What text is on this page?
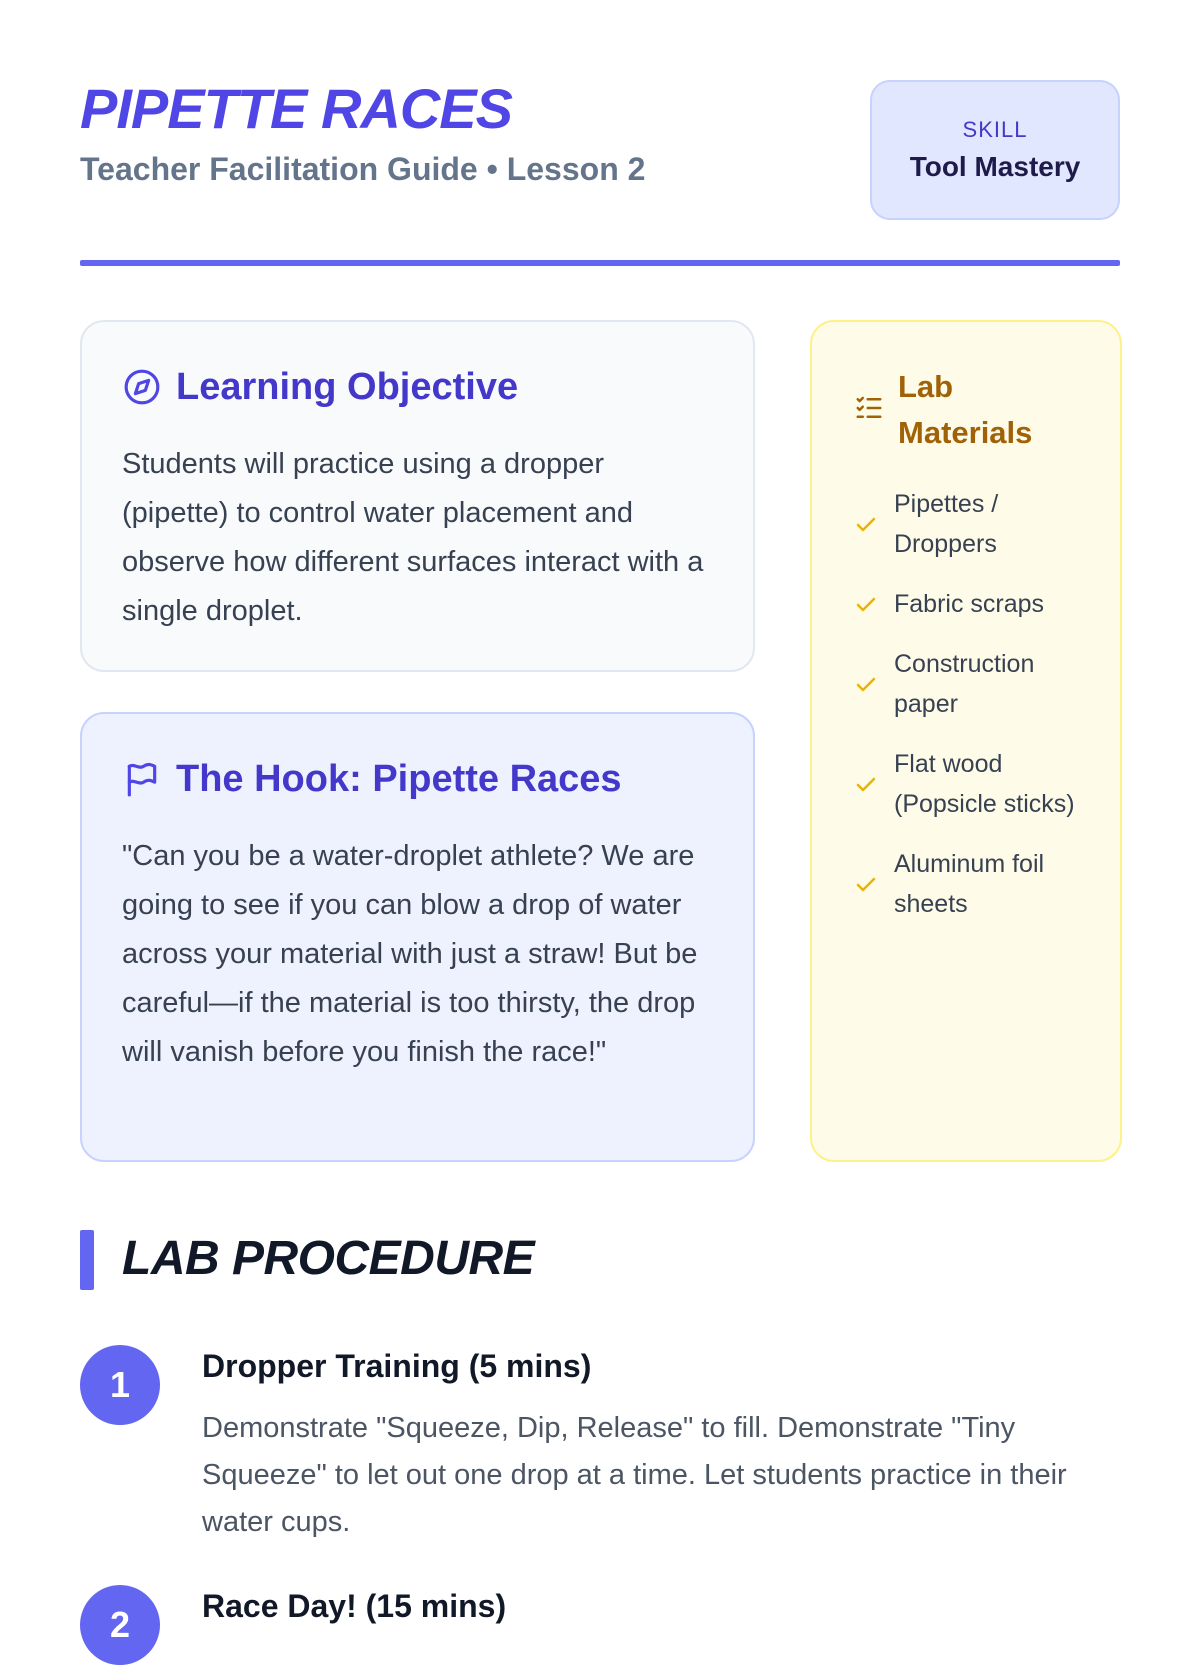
PIPETTE RACES
Teacher Facilitation Guide • Lesson 2
SKILL
Tool Mastery
Learning Objective
Students will practice using a dropper (pipette) to control water placement and observe how different surfaces interact with a single droplet.
The Hook: Pipette Races
"Can you be a water-droplet athlete? We are going to see if you can blow a drop of water across your material with just a straw! But be careful—if the material is too thirsty, the drop will vanish before you finish the race!"
Lab Materials
Pipettes / Droppers
Fabric scraps
Construction paper
Flat wood (Popsicle sticks)
Aluminum foil sheets
LAB PROCEDURE
1	Dropper Training (5 mins)
Demonstrate "Squeeze, Dip, Release" to fill. Demonstrate "Tiny Squeeze" to let out one drop at a time. Let students practice in their water cups.
2	Race Day! (15 mins)
